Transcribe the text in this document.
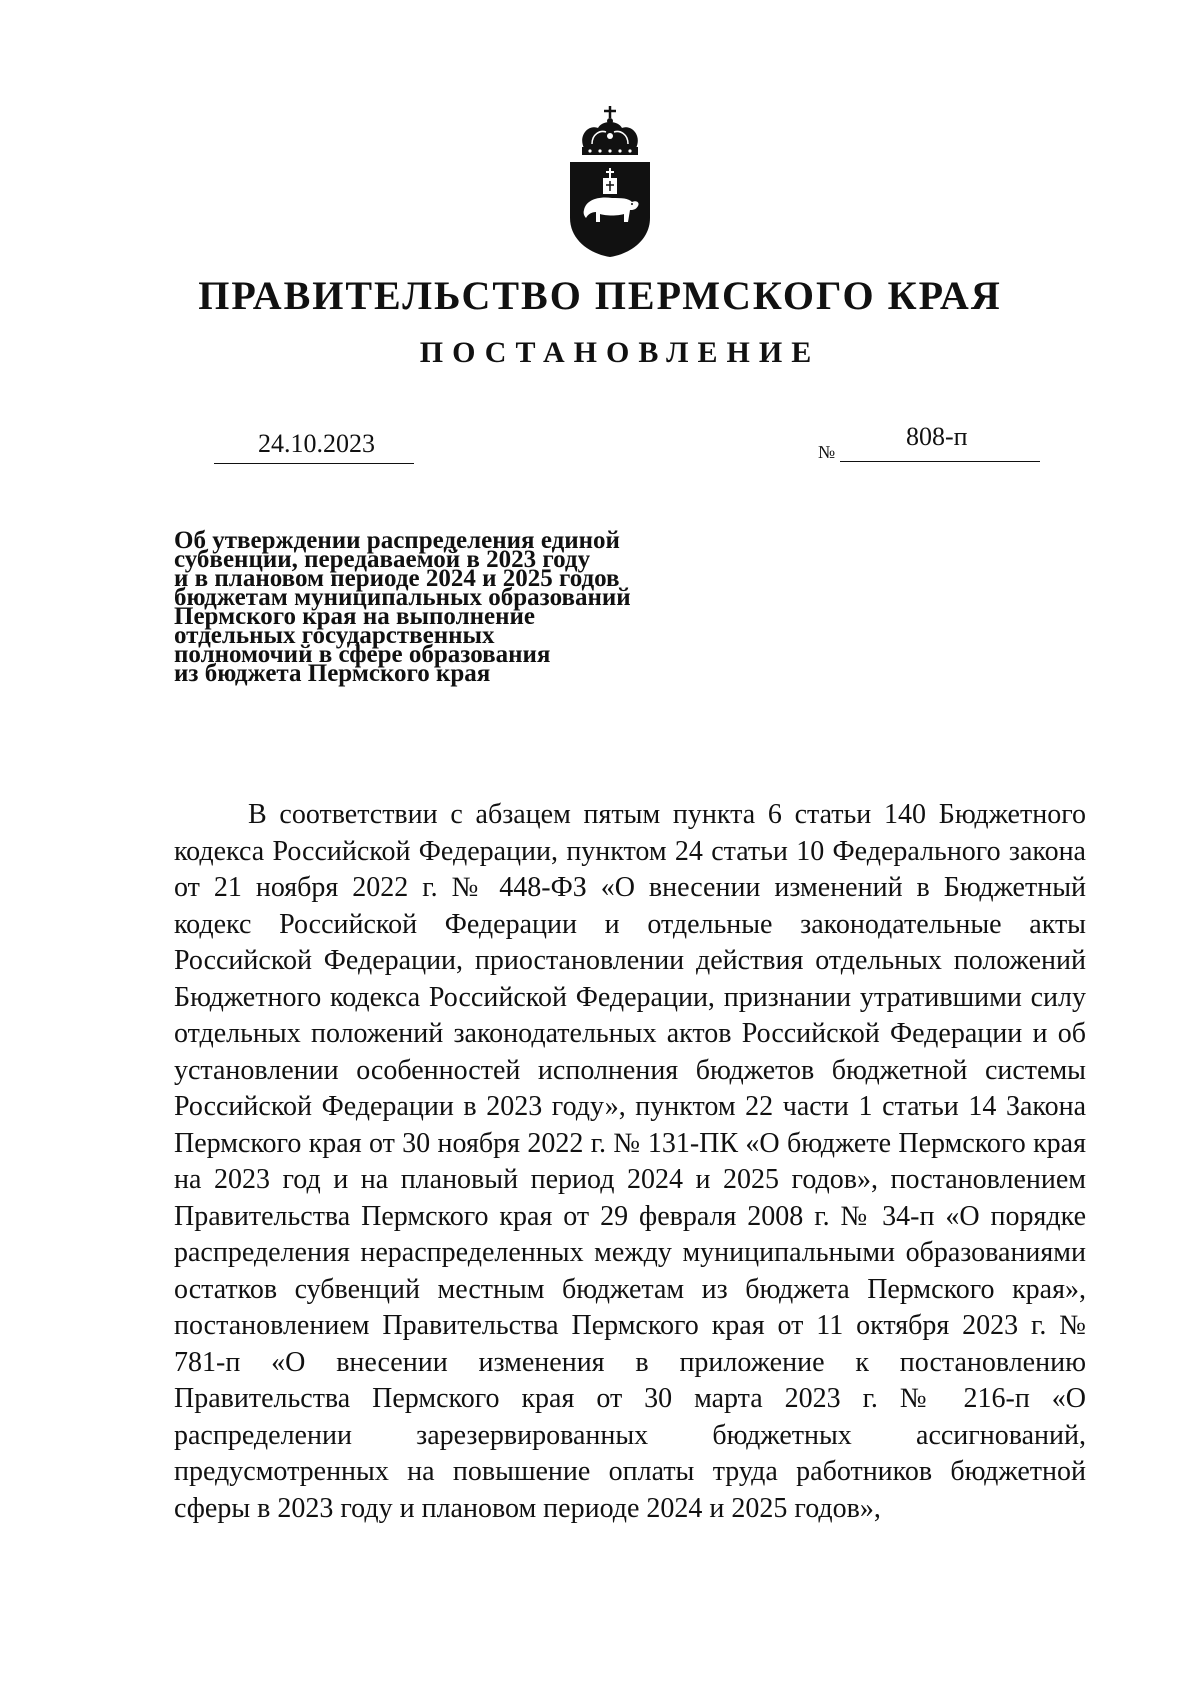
ПРАВИТЕЛЬСТВО ПЕРМСКОГО КРАЯ
ПОСТАНОВЛЕНИЕ
24.10.2023	№
808-п
Об утверждении распределения единой
субвенции, передаваемой в 2023 году
и в плановом периоде 2024 и 2025 годов
бюджетам муниципальных образований
Пермского края на выполнение
отдельных государственных
полномочий в сфере образования
из бюджета Пермского края

В соответствии с абзацем пятым пункта 6 статьи 140 Бюджетного кодекса Российской Федерации, пунктом 24 статьи 10 Федерального закона от 21 ноября 2022 г. № 448-ФЗ «О внесении изменений в Бюджетный кодекс Российской Федерации и отдельные законодательные акты Российской Федерации, приостановлении действия отдельных положений Бюджетного кодекса Российской Федерации, признании утратившими силу отдельных положений законодательных актов Российской Федерации и об установлении особенностей исполнения бюджетов бюджетной системы Российской Федерации в 2023 году», пунктом 22 части 1 статьи 14 Закона Пермского края от 30 ноября 2022 г. № 131-ПК «О бюджете Пермского края на 2023 год и на плановый период 2024 и 2025 годов», постановлением Правительства Пермского края от 29 февраля 2008 г. № 34-п «О порядке распределения нераспределенных между муниципальными образованиями остатков субвенций местным бюджетам из бюджета Пермского края», постановлением Правительства Пермского края от 11 октября 2023 г. № 781-п «О внесении изменения в приложение к постановлению Правительства Пермского края от 30 марта 2023 г. № 216-п «О распределении зарезервированных бюджетных ассигнований, предусмотренных на повышение оплаты труда работников бюджетной сферы в 2023 году и плановом периоде 2024 и 2025 годов»,
